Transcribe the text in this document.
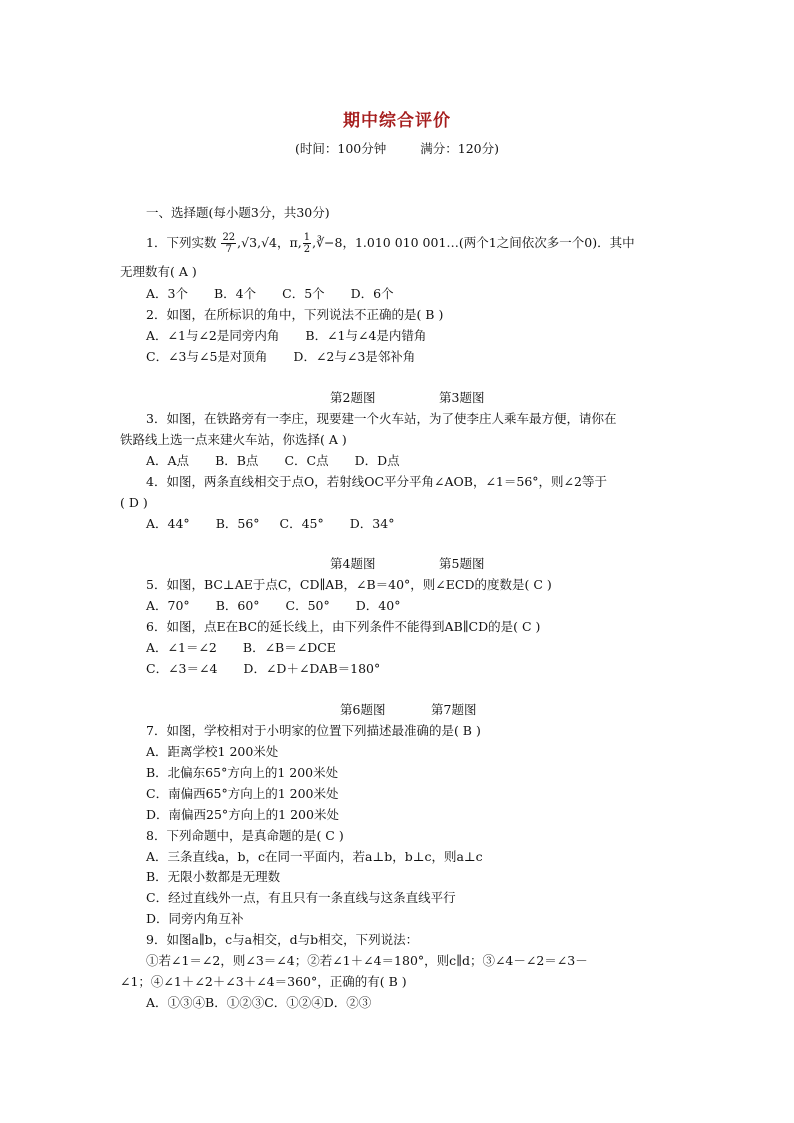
期中综合评价
(时间：100分钟	满分：120分)
一、选择题(每小题3分，共30分)
1．下列实数 $\frac{22}{7} ,√3,√4$，π, $\frac{1}{2}$ ,∛−8，1.010 010 001…(两个1之间依次多一个0)．其中
无理数有( A )
A．3个 B．4个 C．5个 D．6个
2．如图，在所标识的角中，下列说法不正确的是( B )
A．∠1与∠2是同旁内角 B．∠1与∠4是内错角
C．∠3与∠5是对顶角 D．∠2与∠3是邻补角
第2题图	第3题图
3．如图，在铁路旁有一李庄，现要建一个火车站，为了使李庄人乘车最方便，请你在
铁路线上选一点来建火车站，你选择( A )
A．A点 B．B点 C．C点 D．D点
4．如图，两条直线相交于点O，若射线OC平分平角∠AOB，∠1＝56°，则∠2等于
( D )
A．44° B．56° C．45° D．34°
第4题图	第5题图
5．如图，BC⊥AE于点C，CD∥AB，∠B＝40°，则∠ECD的度数是( C )
A．70° B．60° C．50° D．40°
6．如图，点E在BC的延长线上，由下列条件不能得到AB∥CD的是( C )
A．∠1＝∠2 B．∠B＝∠DCE
C．∠3＝∠4 D．∠D＋∠DAB＝180°
第6题图	第7题图
7．如图，学校相对于小明家的位置下列描述最准确的是( B )
A．距离学校1 200米处
B．北偏东65°方向上的1 200米处
C．南偏西65°方向上的1 200米处
D．南偏西25°方向上的1 200米处
8．下列命题中，是真命题的是( C )
A．三条直线a，b，c在同一平面内，若a⊥b，b⊥c，则a⊥c
B．无限小数都是无理数
C．经过直线外一点，有且只有一条直线与这条直线平行
D．同旁内角互补
9．如图a∥b，c与a相交，d与b相交，下列说法：
①若∠1＝∠2，则∠3＝∠4；②若∠1＋∠4＝180°，则c∥d；③∠4－∠2＝∠3－
∠1；④∠1＋∠2＋∠3＋∠4＝360°，正确的有( B )
A．①③④B．①②③C．①②④D．②③
